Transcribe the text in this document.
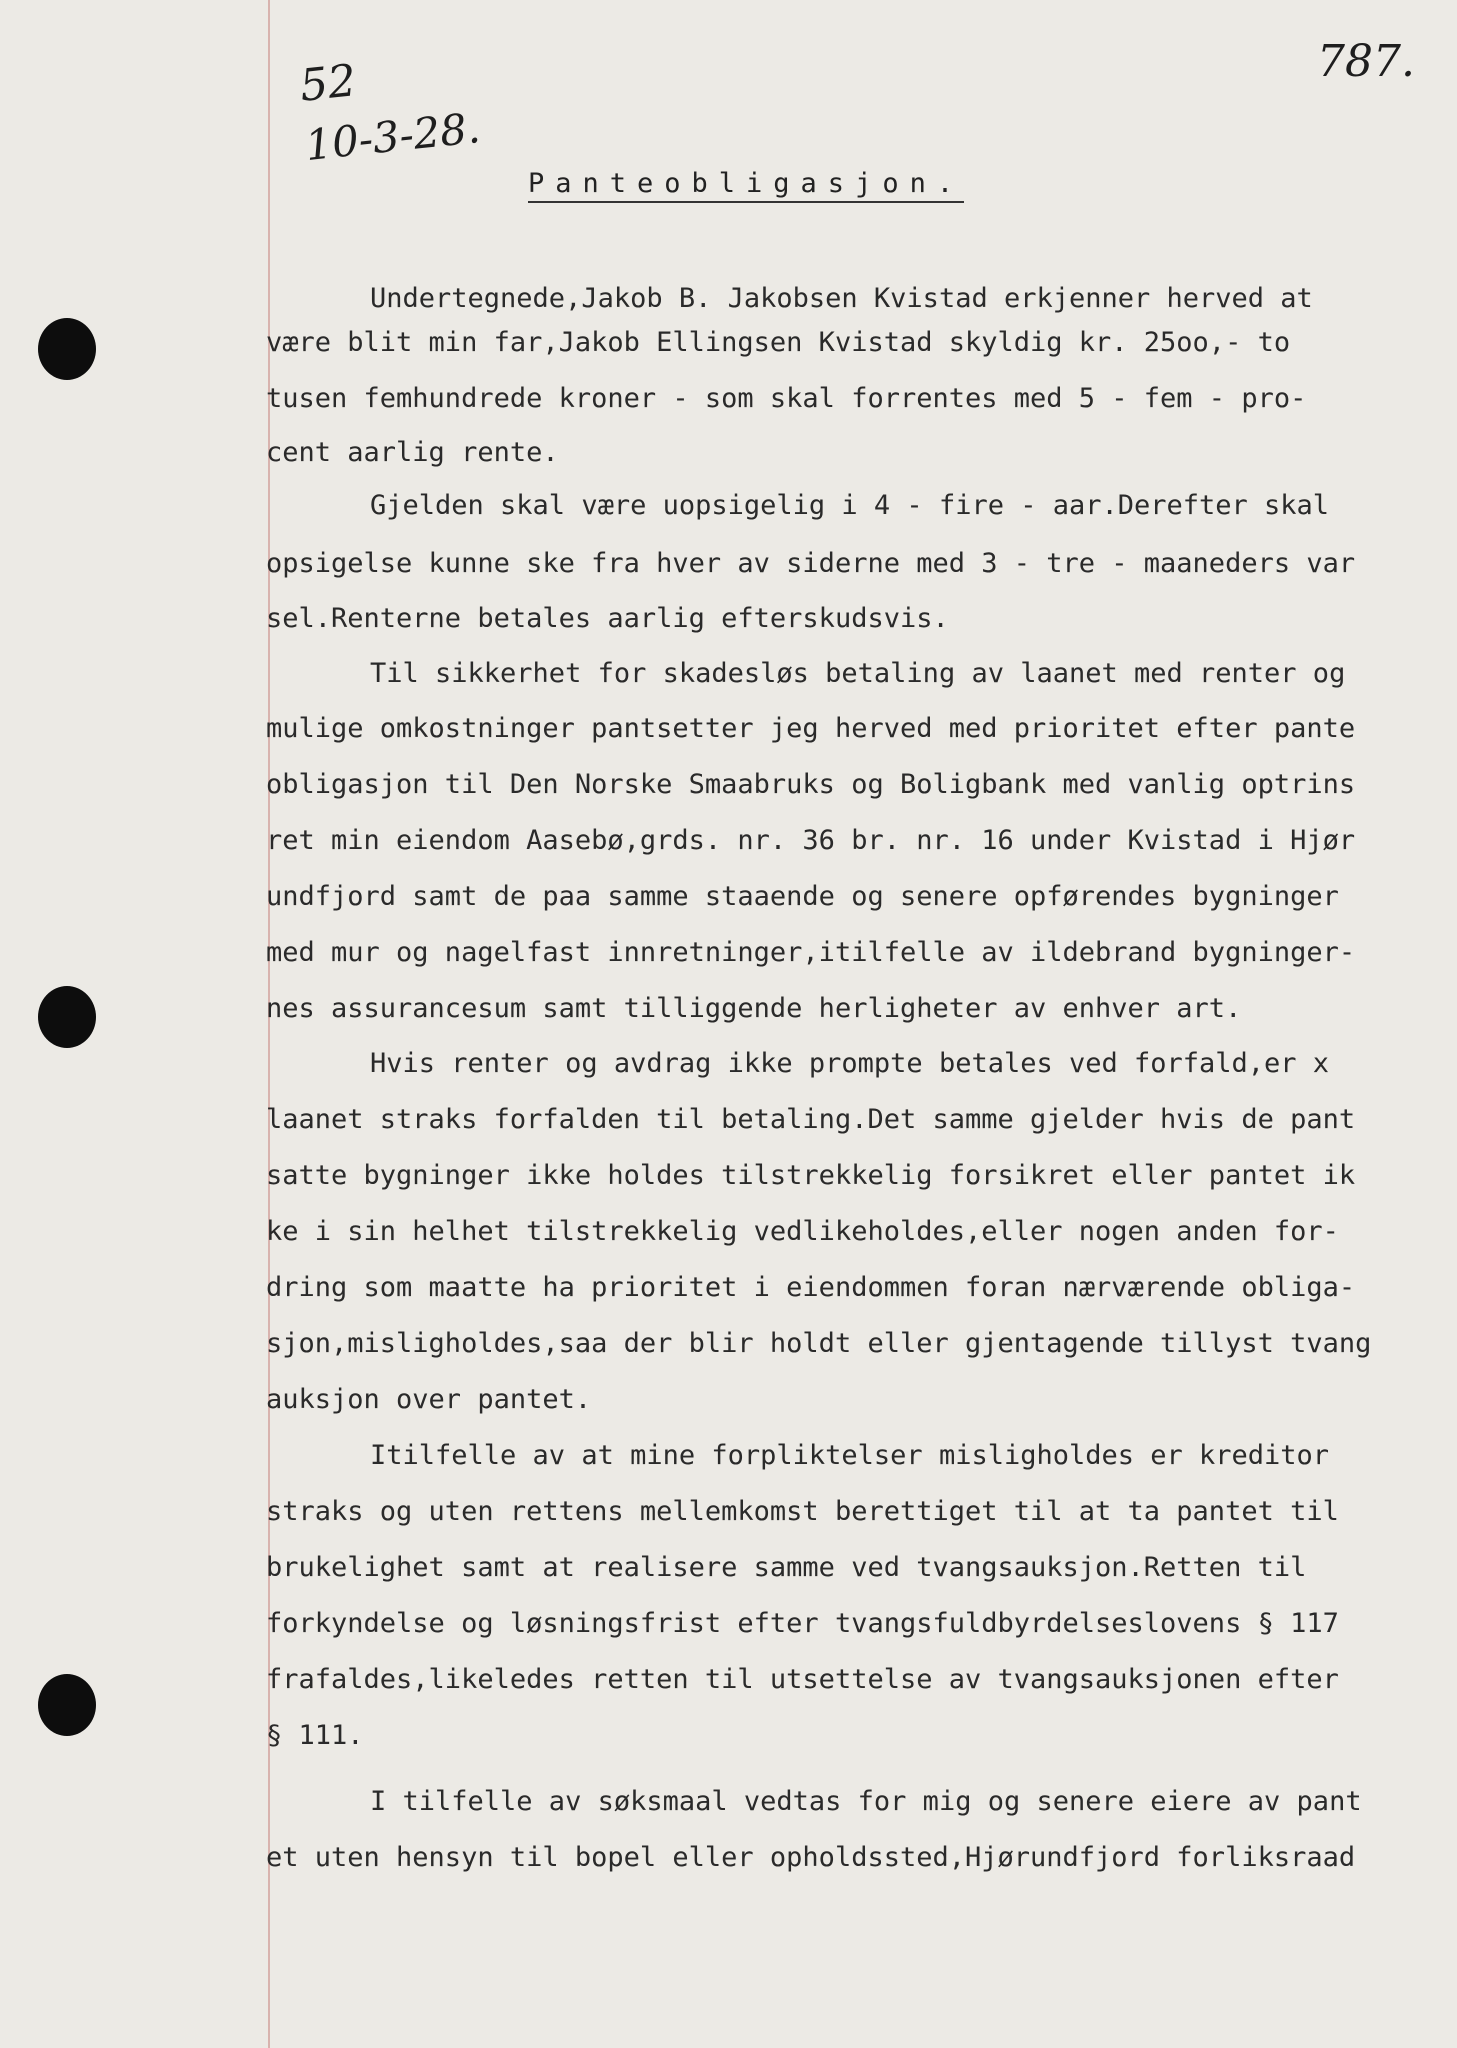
52
10-3-28.
787.
Panteobligasjon.
Undertegnede,Jakob B. Jakobsen Kvistad erkjenner herved at
være blit min far,Jakob Ellingsen Kvistad skyldig kr. 25oo,- to
tusen femhundrede kroner - som skal forrentes med 5 - fem - pro-
cent aarlig rente.
Gjelden skal være uopsigelig i 4 - fire - aar.Derefter skal
opsigelse kunne ske fra hver av siderne med 3 - tre - maaneders var
sel.Renterne betales aarlig efterskudsvis.
Til sikkerhet for skadesløs betaling av laanet med renter og
mulige omkostninger pantsetter jeg herved med prioritet efter pante
obligasjon til Den Norske Smaabruks og Boligbank med vanlig optrins
ret min eiendom Aasebø,grds. nr. 36 br. nr. 16 under Kvistad i Hjør
undfjord samt de paa samme staaende og senere opførendes bygninger
med mur og nagelfast innretninger,itilfelle av ildebrand bygninger-
nes assurancesum samt tilliggende herligheter av enhver art.
Hvis renter og avdrag ikke prompte betales ved forfald,er x
laanet straks forfalden til betaling.Det samme gjelder hvis de pant
satte bygninger ikke holdes tilstrekkelig forsikret eller pantet ik
ke i sin helhet tilstrekkelig vedlikeholdes,eller nogen anden for-
dring som maatte ha prioritet i eiendommen foran nærværende obliga-
sjon,misligholdes,saa der blir holdt eller gjentagende tillyst tvang
auksjon over pantet.
Itilfelle av at mine forpliktelser misligholdes er kreditor
straks og uten rettens mellemkomst berettiget til at ta pantet til
brukelighet samt at realisere samme ved tvangsauksjon.Retten til
forkyndelse og løsningsfrist efter tvangsfuldbyrdelseslovens § 117
frafaldes,likeledes retten til utsettelse av tvangsauksjonen efter
§ 111.
I tilfelle av søksmaal vedtas for mig og senere eiere av pant
et uten hensyn til bopel eller opholdssted,Hjørundfjord forliksraad
